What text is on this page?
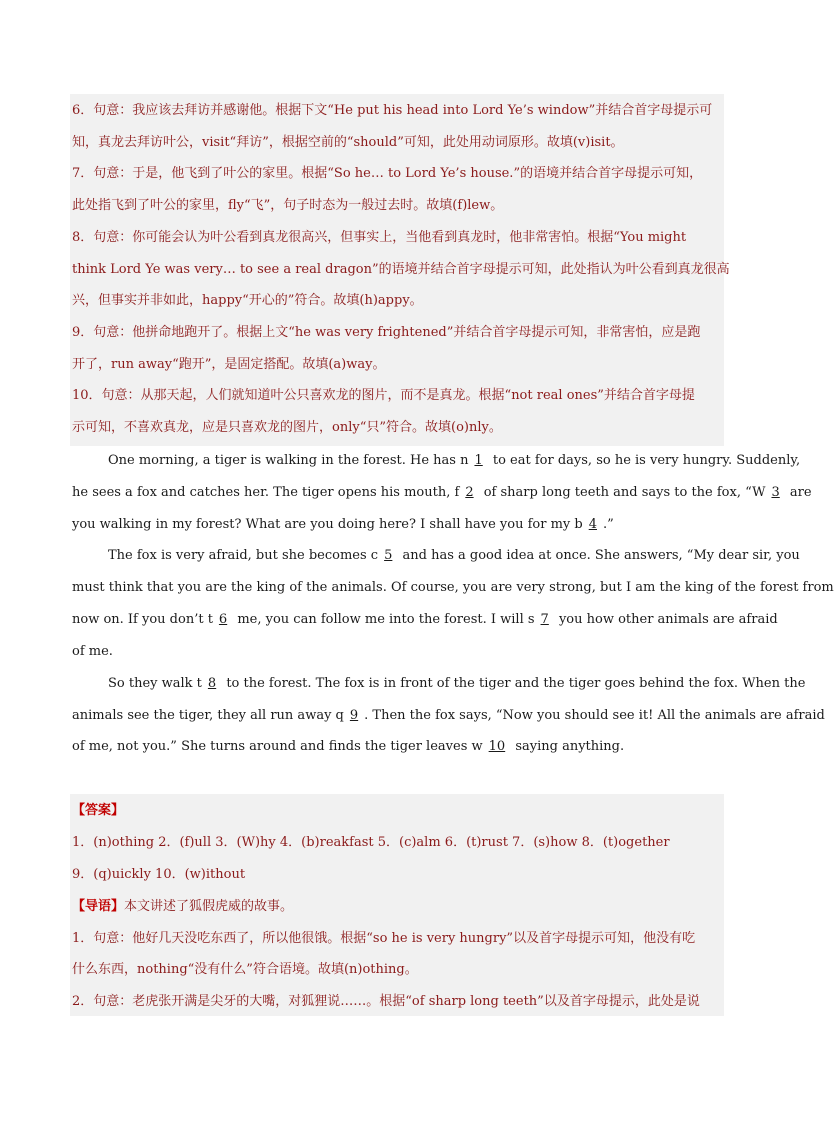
6．句意：我应该去拜访并感谢他。根据下文“He put his head into Lord Ye’s window”并结合首字母提示可
知，真龙去拜访叶公，visit“拜访”，根据空前的“should”可知，此处用动词原形。故填(v)isit。
7．句意：于是，他飞到了叶公的家里。根据“So he… to Lord Ye’s house.”的语境并结合首字母提示可知，
此处指飞到了叶公的家里，fly“飞”，句子时态为一般过去时。故填(f)lew。
8．句意：你可能会认为叶公看到真龙很高兴，但事实上，当他看到真龙时，他非常害怕。根据“You might
think Lord Ye was very… to see a real dragon”的语境并结合首字母提示可知，此处指认为叶公看到真龙很高
兴，但事实并非如此，happy“开心的”符合。故填(h)appy。
9．句意：他拼命地跑开了。根据上文“he was very frightened”并结合首字母提示可知，非常害怕，应是跑
开了，run away“跑开”，是固定搭配。故填(a)way。
10．句意：从那天起，人们就知道叶公只喜欢龙的图片，而不是真龙。根据“not real ones”并结合首字母提
示可知，不喜欢真龙，应是只喜欢龙的图片，only“只”符合。故填(o)nly。
One morning, a tiger is walking in the forest. He has n 1 to eat for days, so he is very hungry. Suddenly,
he sees a fox and catches her. The tiger opens his mouth, f 2 of sharp long teeth and says to the fox, “W 3 are
you walking in my forest? What are you doing here? I shall have you for my b 4 .”
The fox is very afraid, but she becomes c 5 and has a good idea at once. She answers, “My dear sir, you
must think that you are the king of the animals. Of course, you are very strong, but I am the king of the forest from
now on. If you don’t t 6 me, you can follow me into the forest. I will s 7 you how other animals are afraid
of me.
So they walk t 8 to the forest. The fox is in front of the tiger and the tiger goes behind the fox. When the
animals see the tiger, they all run away q 9 . Then the fox says, “Now you should see it! All the animals are afraid
of me, not you.” She turns around and finds the tiger leaves w 10 saying anything.
【答案】
1．(n)othing 2．(f)ull 3．(W)hy 4．(b)reakfast 5．(c)alm 6．(t)rust 7．(s)how 8．(t)ogether
9．(q)uickly 10．(w)ithout
【导语】本文讲述了狐假虎威的故事。
1．句意：他好几天没吃东西了，所以他很饿。根据“so he is very hungry”以及首字母提示可知，他没有吃
什么东西，nothing“没有什么”符合语境。故填(n)othing。
2．句意：老虎张开满是尖牙的大嘴，对狐狸说……。根据“of sharp long teeth”以及首字母提示，此处是说
